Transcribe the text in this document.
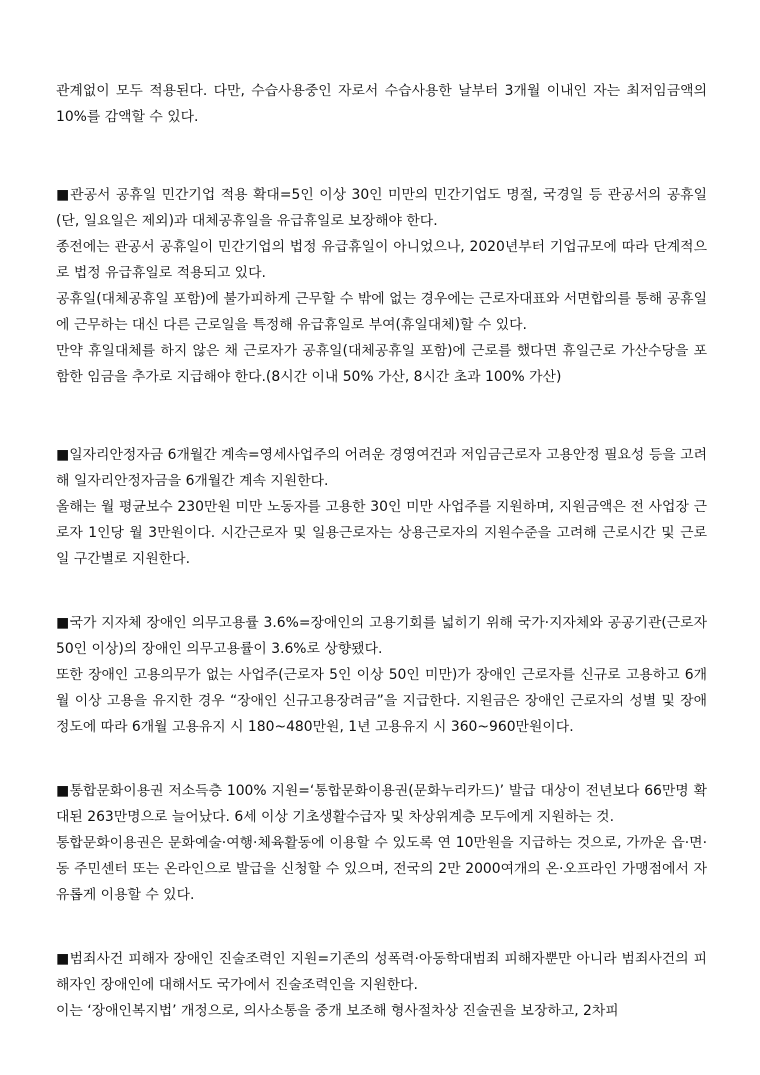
관계없이 모두 적용된다. 다만, 수습사용중인 자로서 수습사용한 날부터 3개월 이내인 자는 최저임금액의 10%를 감액할 수 있다.

■관공서 공휴일 민간기업 적용 확대=5인 이상 30인 미만의 민간기업도 명절, 국경일 등 관공서의 공휴일(단, 일요일은 제외)과 대체공휴일을 유급휴일로 보장해야 한다.

종전에는 관공서 공휴일이 민간기업의 법정 유급휴일이 아니었으나, 2020년부터 기업규모에 따라 단계적으로 법정 유급휴일로 적용되고 있다.

공휴일(대체공휴일 포함)에 불가피하게 근무할 수 밖에 없는 경우에는 근로자대표와 서면합의를 통해 공휴일에 근무하는 대신 다른 근로일을 특정해 유급휴일로 부여(휴일대체)할 수 있다.

만약 휴일대체를 하지 않은 채 근로자가 공휴일(대체공휴일 포함)에 근로를 했다면 휴일근로 가산수당을 포함한 임금을 추가로 지급해야 한다.(8시간 이내 50% 가산, 8시간 초과 100% 가산)

■일자리안정자금 6개월간 계속=영세사업주의 어려운 경영여건과 저임금근로자 고용안정 필요성 등을 고려해 일자리안정자금을 6개월간 계속 지원한다.

올해는 월 평균보수 230만원 미만 노동자를 고용한 30인 미만 사업주를 지원하며, 지원금액은 전 사업장 근로자 1인당 월 3만원이다. 시간근로자 및 일용근로자는 상용근로자의 지원수준을 고려해 근로시간 및 근로일 구간별로 지원한다.

■국가 지자체 장애인 의무고용률 3.6%=장애인의 고용기회를 넓히기 위해 국가·지자체와 공공기관(근로자 50인 이상)의 장애인 의무고용률이 3.6%로 상향됐다.

또한 장애인 고용의무가 없는 사업주(근로자 5인 이상 50인 미만)가 장애인 근로자를 신규로 고용하고 6개월 이상 고용을 유지한 경우 “장애인 신규고용장려금”을 지급한다. 지원금은 장애인 근로자의 성별 및 장애정도에 따라 6개월 고용유지 시 180~480만원, 1년 고용유지 시 360~960만원이다.

■통합문화이용권 저소득층 100% 지원=‘통합문화이용권(문화누리카드)’ 발급 대상이 전년보다 66만명 확대된 263만명으로 늘어났다. 6세 이상 기초생활수급자 및 차상위계층 모두에게 지원하는 것.

통합문화이용권은 문화예술·여행·체육활동에 이용할 수 있도록 연 10만원을 지급하는 것으로, 가까운 읍·면·동 주민센터 또는 온라인으로 발급을 신청할 수 있으며, 전국의 2만 2000여개의 온·오프라인 가맹점에서 자유롭게 이용할 수 있다.

■범죄사건 피해자 장애인 진술조력인 지원=기존의 성폭력·아동학대범죄 피해자뿐만 아니라 범죄사건의 피해자인 장애인에 대해서도 국가에서 진술조력인을 지원한다.

이는 ‘장애인복지법’ 개정으로, 의사소통을 중개 보조해 형사절차상 진술권을 보장하고, 2차피
